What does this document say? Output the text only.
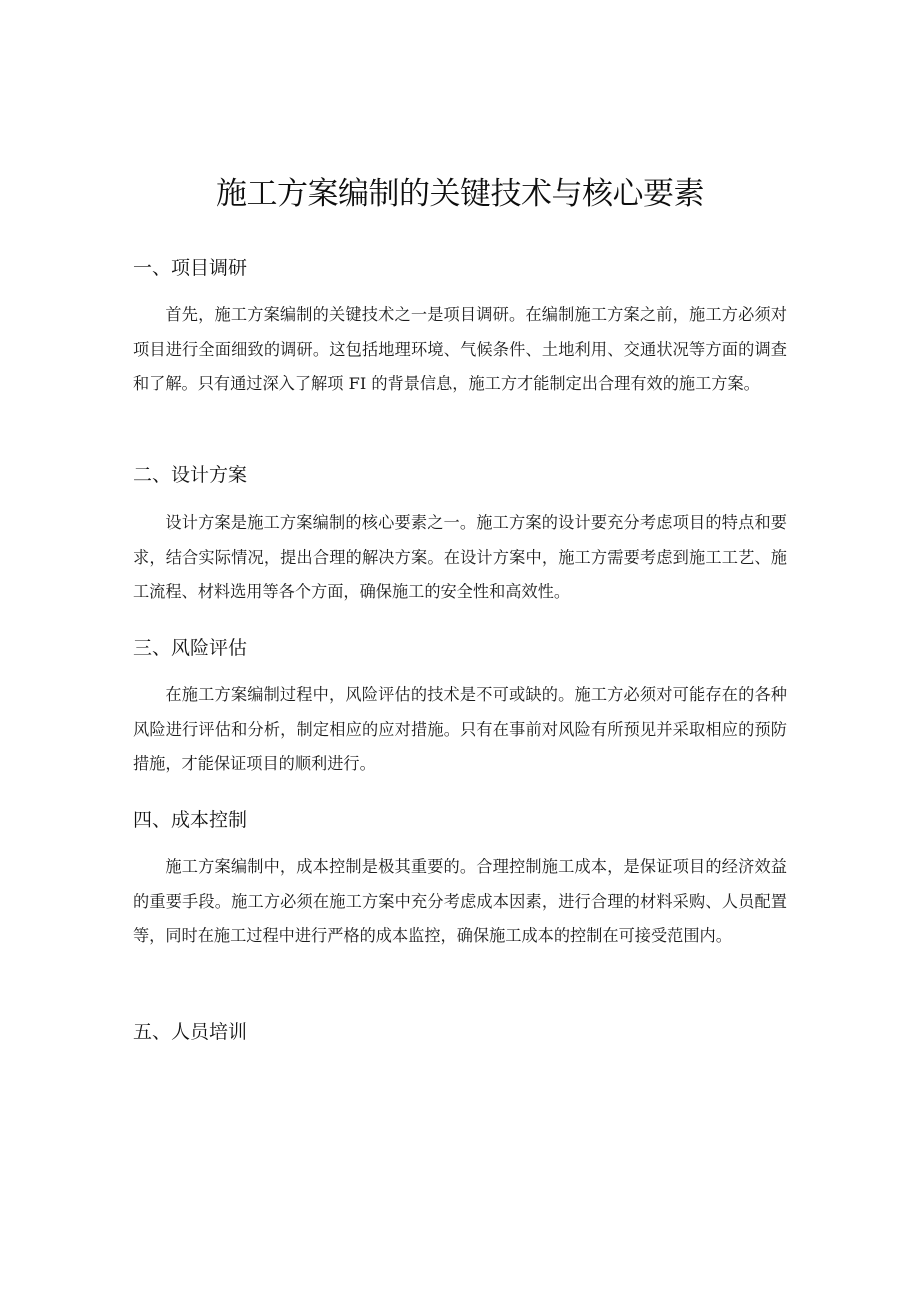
施工方案编制的关键技术与核心要素
一、项目调研

首先，施工方案编制的关键技术之一是项目调研。在编制施工方案之前，施工方必须对项目进行全面细致的调研。这包括地理环境、气候条件、土地利用、交通状况等方面的调查和了解。只有通过深入了解项 FI 的背景信息，施工方才能制定出合理有效的施工方案。

二、设计方案

设计方案是施工方案编制的核心要素之一。施工方案的设计要充分考虑项目的特点和要求，结合实际情况，提出合理的解决方案。在设计方案中，施工方需要考虑到施工工艺、施工流程、材料选用等各个方面，确保施工的安全性和高效性。

三、风险评估

在施工方案编制过程中，风险评估的技术是不可或缺的。施工方必须对可能存在的各种风险进行评估和分析，制定相应的应对措施。只有在事前对风险有所预见并采取相应的预防措施，才能保证项目的顺利进行。

四、成本控制

施工方案编制中，成本控制是极其重要的。合理控制施工成本，是保证项目的经济效益的重要手段。施工方必须在施工方案中充分考虑成本因素，进行合理的材料采购、人员配置等，同时在施工过程中进行严格的成本监控，确保施工成本的控制在可接受范围内。

五、人员培训
